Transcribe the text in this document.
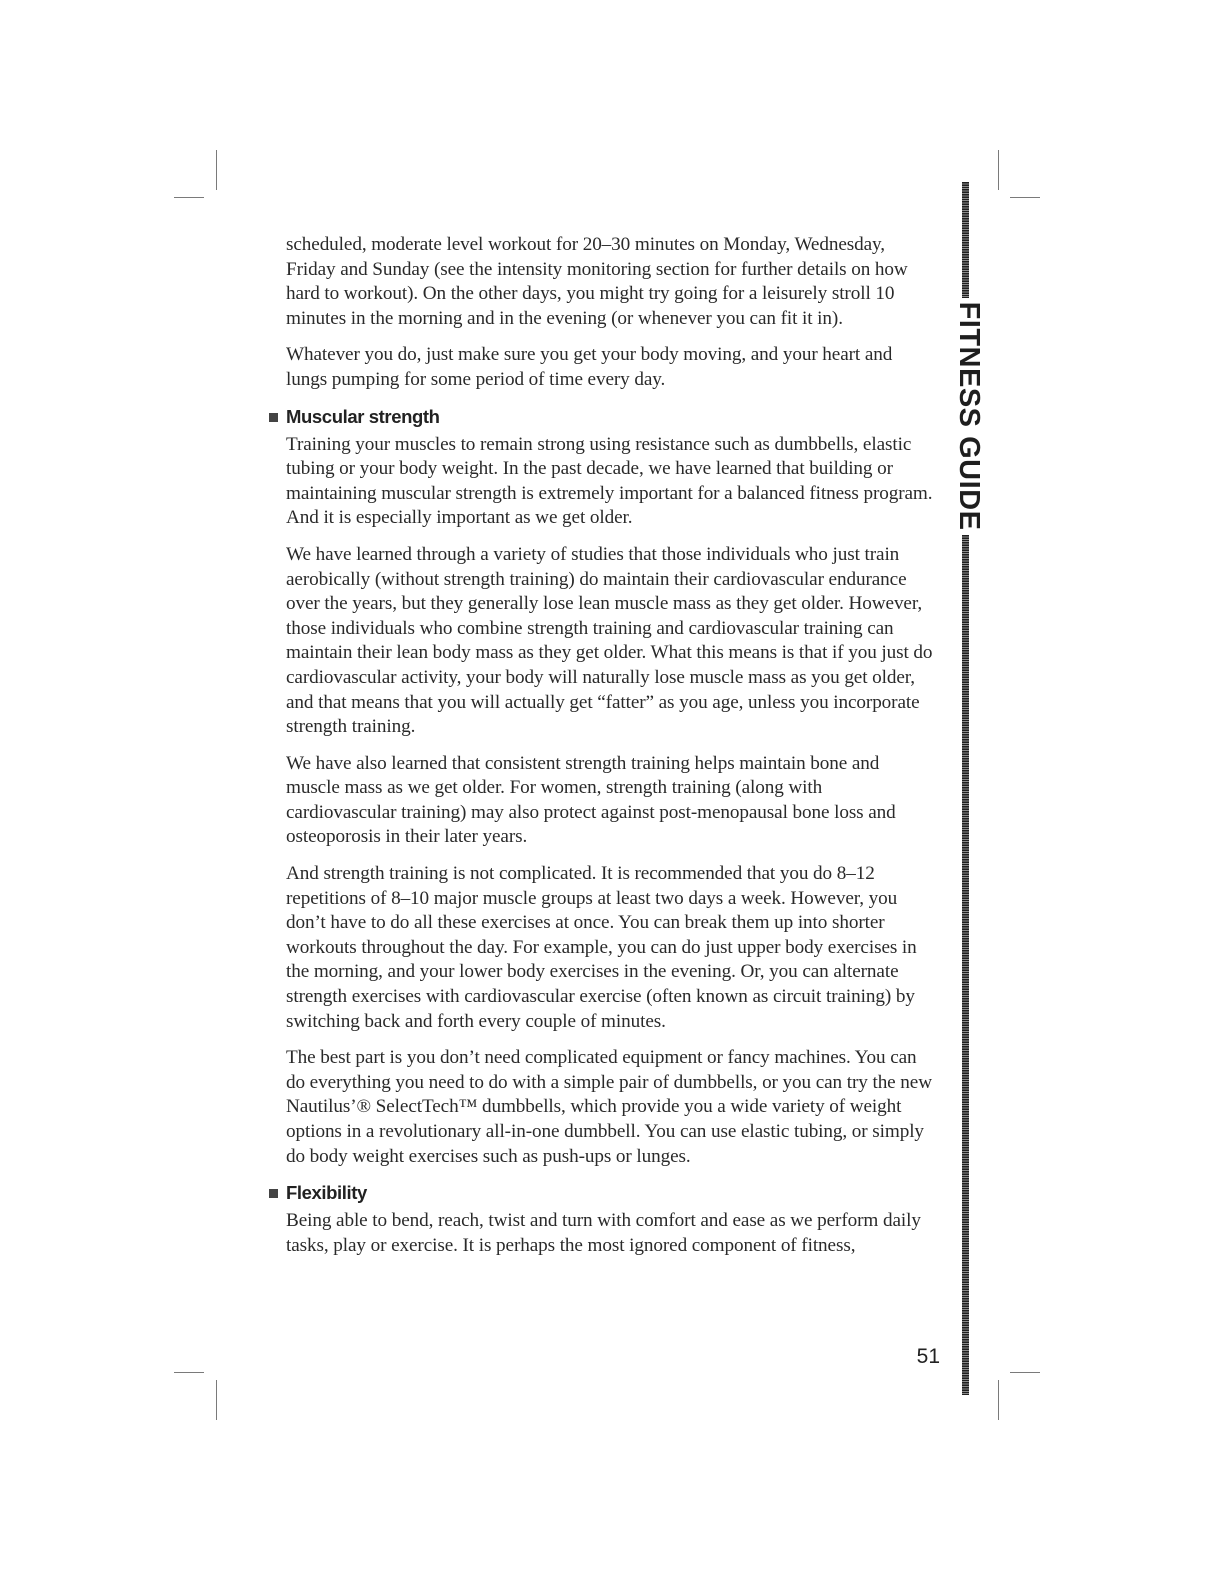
scheduled, moderate level workout for 20–30 minutes on Monday, Wednesday, Friday and Sunday (see the intensity monitoring section for further details on how hard to workout). On the other days, you might try going for a leisurely stroll 10 minutes in the morning and in the evening (or whenever you can fit it in).

Whatever you do, just make sure you get your body moving, and your heart and lungs pumping for some period of time every day.

Muscular strength

Training your muscles to remain strong using resistance such as dumbbells, elastic tubing or your body weight. In the past decade, we have learned that building or maintaining muscular strength is extremely important for a balanced fitness program. And it is especially important as we get older.

We have learned through a variety of studies that those individuals who just train aerobically (without strength training) do maintain their cardiovascular endurance over the years, but they generally lose lean muscle mass as they get older. However, those individuals who combine strength training and cardiovascular training can maintain their lean body mass as they get older. What this means is that if you just do cardiovascular activity, your body will naturally lose muscle mass as you get older, and that means that you will actually get “fatter” as you age, unless you incorporate strength training.

We have also learned that consistent strength training helps maintain bone and muscle mass as we get older. For women, strength training (along with cardiovascular training) may also protect against post-menopausal bone loss and osteoporosis in their later years.

And strength training is not complicated. It is recommended that you do 8–12 repetitions of 8–10 major muscle groups at least two days a week. However, you don’t have to do all these exercises at once. You can break them up into shorter workouts throughout the day. For example, you can do just upper body exercises in the morning, and your lower body exercises in the evening. Or, you can alternate strength exercises with cardiovascular exercise (often known as circuit training) by switching back and forth every couple of minutes.

The best part is you don’t need complicated equipment or fancy machines. You can do everything you need to do with a simple pair of dumbbells, or you can try the new Nautilus’® SelectTech™ dumbbells, which provide you a wide variety of weight options in a revolutionary all-in-one dumbbell. You can use elastic tubing, or simply do body weight exercises such as push-ups or lunges.

Flexibility

Being able to bend, reach, twist and turn with comfort and ease as we perform daily tasks, play or exercise. It is perhaps the most ignored component of fitness,

51
FITNESS GUIDE
